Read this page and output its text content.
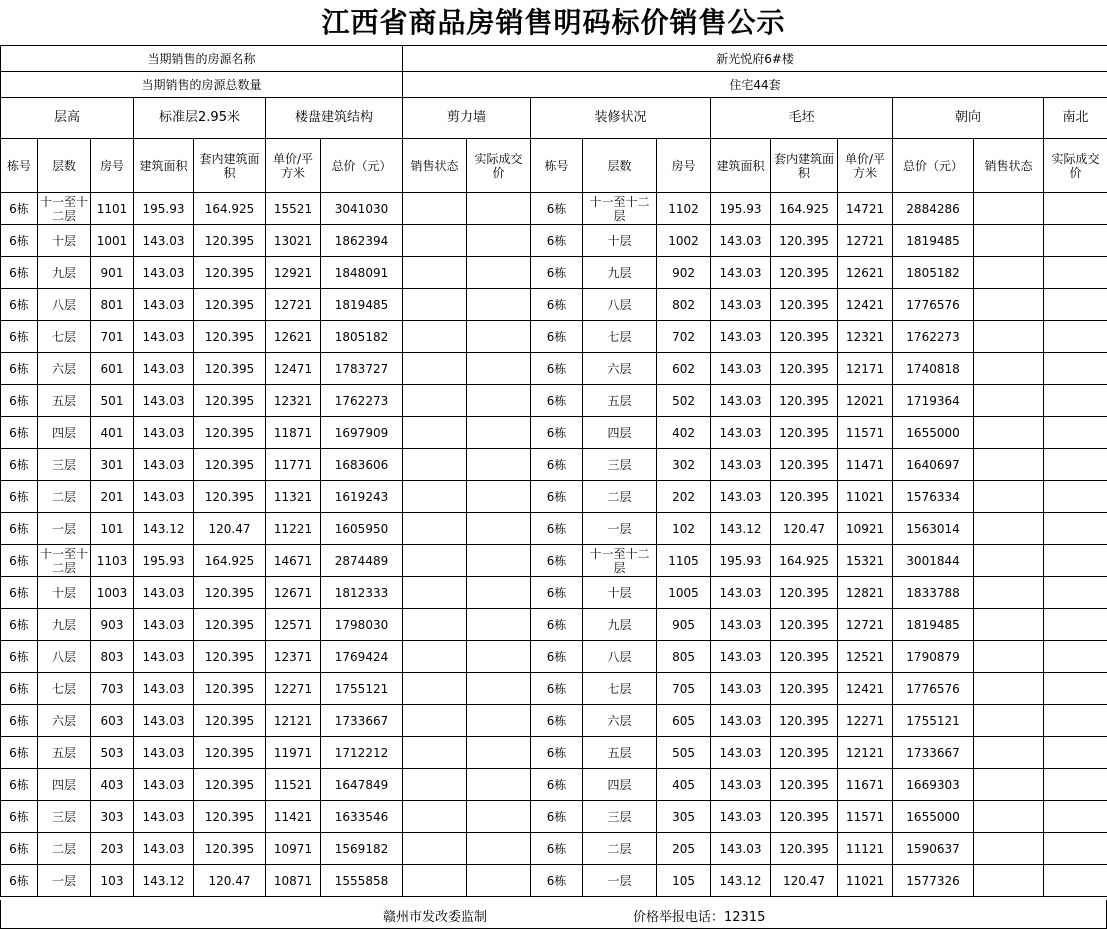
江西省商品房销售明码标价销售公示
当期销售的房源名称							新光悦府6#楼										
当期销售的房源总数量							住宅44套										
层高			标准层2.95米		楼盘建筑结构		剪力墙		装修状况			毛坯			朝向		南北
栋号	层数	房号	建筑面积	套内建筑面积	单价/平方米	总价（元）	销售状态	实际成交价	栋号	层数	房号	建筑面积	套内建筑面积	单价/平方米	总价（元）	销售状态	实际成交价
6栋	十一至十二层	1101	195.93	164.925	15521	3041030			6栋	十一至十二层	1102	195.93	164.925	14721	2884286		
6栋	十层	1001	143.03	120.395	13021	1862394			6栋	十层	1002	143.03	120.395	12721	1819485		
6栋	九层	901	143.03	120.395	12921	1848091			6栋	九层	902	143.03	120.395	12621	1805182		
6栋	八层	801	143.03	120.395	12721	1819485			6栋	八层	802	143.03	120.395	12421	1776576		
6栋	七层	701	143.03	120.395	12621	1805182			6栋	七层	702	143.03	120.395	12321	1762273		
6栋	六层	601	143.03	120.395	12471	1783727			6栋	六层	602	143.03	120.395	12171	1740818		
6栋	五层	501	143.03	120.395	12321	1762273			6栋	五层	502	143.03	120.395	12021	1719364		
6栋	四层	401	143.03	120.395	11871	1697909			6栋	四层	402	143.03	120.395	11571	1655000		
6栋	三层	301	143.03	120.395	11771	1683606			6栋	三层	302	143.03	120.395	11471	1640697		
6栋	二层	201	143.03	120.395	11321	1619243			6栋	二层	202	143.03	120.395	11021	1576334		
6栋	一层	101	143.12	120.47	11221	1605950			6栋	一层	102	143.12	120.47	10921	1563014		
6栋	十一至十二层	1103	195.93	164.925	14671	2874489			6栋	十一至十二层	1105	195.93	164.925	15321	3001844		
6栋	十层	1003	143.03	120.395	12671	1812333			6栋	十层	1005	143.03	120.395	12821	1833788		
6栋	九层	903	143.03	120.395	12571	1798030			6栋	九层	905	143.03	120.395	12721	1819485		
6栋	八层	803	143.03	120.395	12371	1769424			6栋	八层	805	143.03	120.395	12521	1790879		
6栋	七层	703	143.03	120.395	12271	1755121			6栋	七层	705	143.03	120.395	12421	1776576		
6栋	六层	603	143.03	120.395	12121	1733667			6栋	六层	605	143.03	120.395	12271	1755121		
6栋	五层	503	143.03	120.395	11971	1712212			6栋	五层	505	143.03	120.395	12121	1733667		
6栋	四层	403	143.03	120.395	11521	1647849			6栋	四层	405	143.03	120.395	11671	1669303		
6栋	三层	303	143.03	120.395	11421	1633546			6栋	三层	305	143.03	120.395	11571	1655000		
6栋	二层	203	143.03	120.395	10971	1569182			6栋	二层	205	143.03	120.395	11121	1590637		
6栋	一层	103	143.12	120.47	10871	1555858			6栋	一层	105	143.12	120.47	11021	1577326		
赣州市发改委监制	价格举报电话：12315
